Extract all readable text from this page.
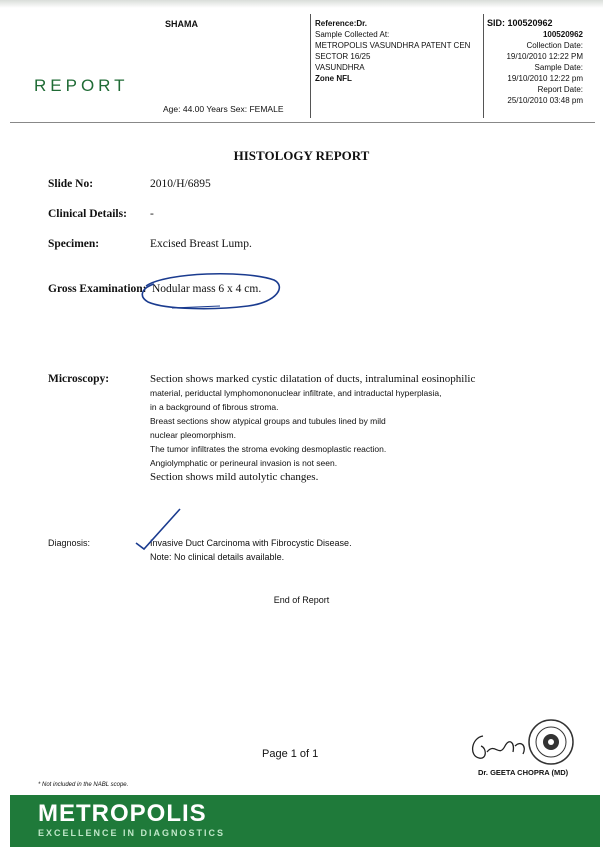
REPORT
SHAMA
Age: 44.00 Years Sex: FEMALE
Reference:Dr.
Sample Collected At:
METROPOLIS VASUNDHRA PATENT CEN
SECTOR 16/25
VASUNDHRA
Zone NFL
SID: 100520962
100520962
Collection Date:
19/10/2010 12:22 PM
Sample Date:
19/10/2010 12:22 pm
Report Date:
25/10/2010 03:48 pm
HISTOLOGY REPORT
Slide No:	2010/H/6895
Clinical Details: -
Specimen:	Excised Breast Lump.
Gross Examination: Nodular mass 6 x 4 cm.
Microscopy:	Section shows marked cystic dilatation of ducts, intraluminal eosinophilic

material, periductal lymphomononuclear infiltrate, and intraductal hyperplasia,

in a background of fibrous stroma.

Breast sections show atypical groups and tubules lined by mild

nuclear pleomorphism.

The tumor infiltrates the stroma evoking desmoplastic reaction.

Angiolymphatic or perineural invasion is not seen.

Section shows mild autolytic changes.

Diagnosis:	Invasive Duct Carcinoma with Fibrocystic Disease.
Note: No clinical details available.
End of Report
Page 1 of 1
Dr. GEETA CHOPRA (MD)
* Not included in the NABL scope.
METROPOLIS
EXCELLENCE IN DIAGNOSTICS
